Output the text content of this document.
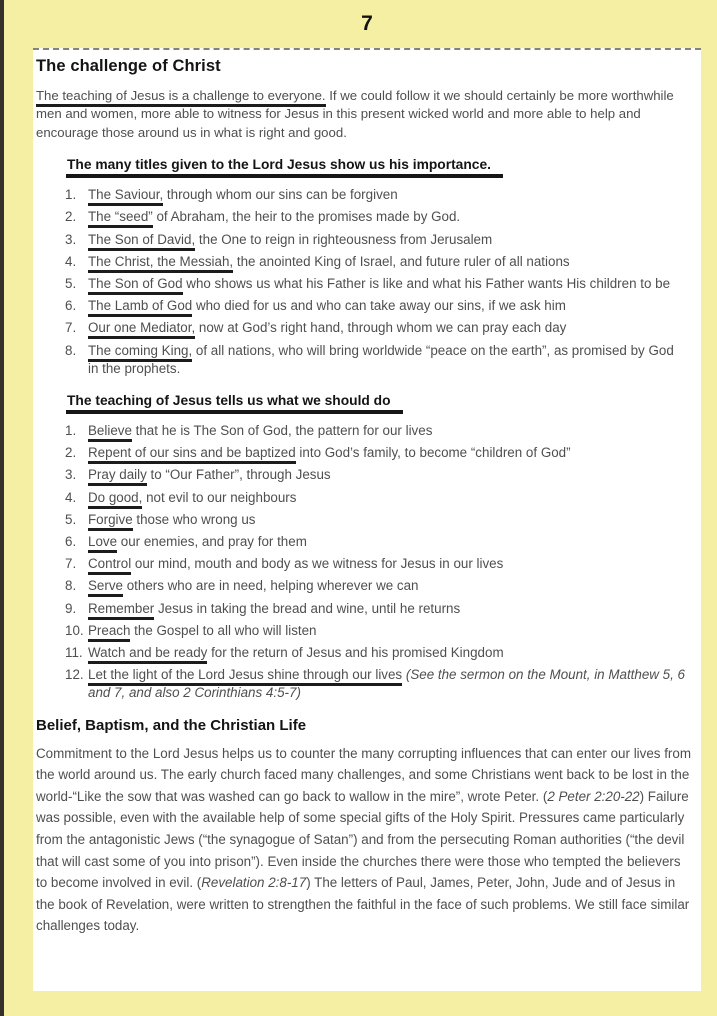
7
The challenge of Christ

The teaching of Jesus is a challenge to everyone. If we could follow it we should certainly be more worthwhile men and women, more able to witness for Jesus in this present wicked world and more able to help and encourage those around us in what is right and good.

The many titles given to the Lord Jesus show us his importance.
The Saviour, through whom our sins can be forgiven
The “seed” of Abraham, the heir to the promises made by God.
The Son of David, the One to reign in righteousness from Jerusalem
The Christ, the Messiah, the anointed King of Israel, and future ruler of all nations
The Son of God who shows us what his Father is like and what his Father wants His children to be
The Lamb of God who died for us and who can take away our sins, if we ask him
Our one Mediator, now at God’s right hand, through whom we can pray each day
The coming King, of all nations, who will bring worldwide “peace on the earth”, as promised by God in the prophets.
The teaching of Jesus tells us what we should do
Believe that he is The Son of God, the pattern for our lives
Repent of our sins and be baptized into God’s family, to become “children of God”
Pray daily to “Our Father”, through Jesus
Do good, not evil to our neighbours
Forgive those who wrong us
Love our enemies, and pray for them
Control our mind, mouth and body as we witness for Jesus in our lives
Serve others who are in need, helping wherever we can
Remember Jesus in taking the bread and wine, until he returns
Preach the Gospel to all who will listen
Watch and be ready for the return of Jesus and his promised Kingdom
Let the light of the Lord Jesus shine through our lives (See the sermon on the Mount, in Matthew 5, 6 and 7, and also 2 Corinthians 4:5-7)
Belief, Baptism, and the Christian Life

Commitment to the Lord Jesus helps us to counter the many corrupting influences that can enter our lives from the world around us. The early church faced many challenges, and some Christians went back to be lost in the world-“Like the sow that was washed can go back to wallow in the mire”, wrote Peter. (2 Peter 2:20-22) Failure was possible, even with the available help of some special gifts of the Holy Spirit. Pressures came particularly from the antagonistic Jews (“the synagogue of Satan”) and from the persecuting Roman authorities (“the devil that will cast some of you into prison”). Even inside the churches there were those who tempted the believers to become involved in evil. (Revelation 2:8-17) The letters of Paul, James, Peter, John, Jude and of Jesus in the book of Revelation, were written to strengthen the faithful in the face of such problems. We still face similar challenges today.
